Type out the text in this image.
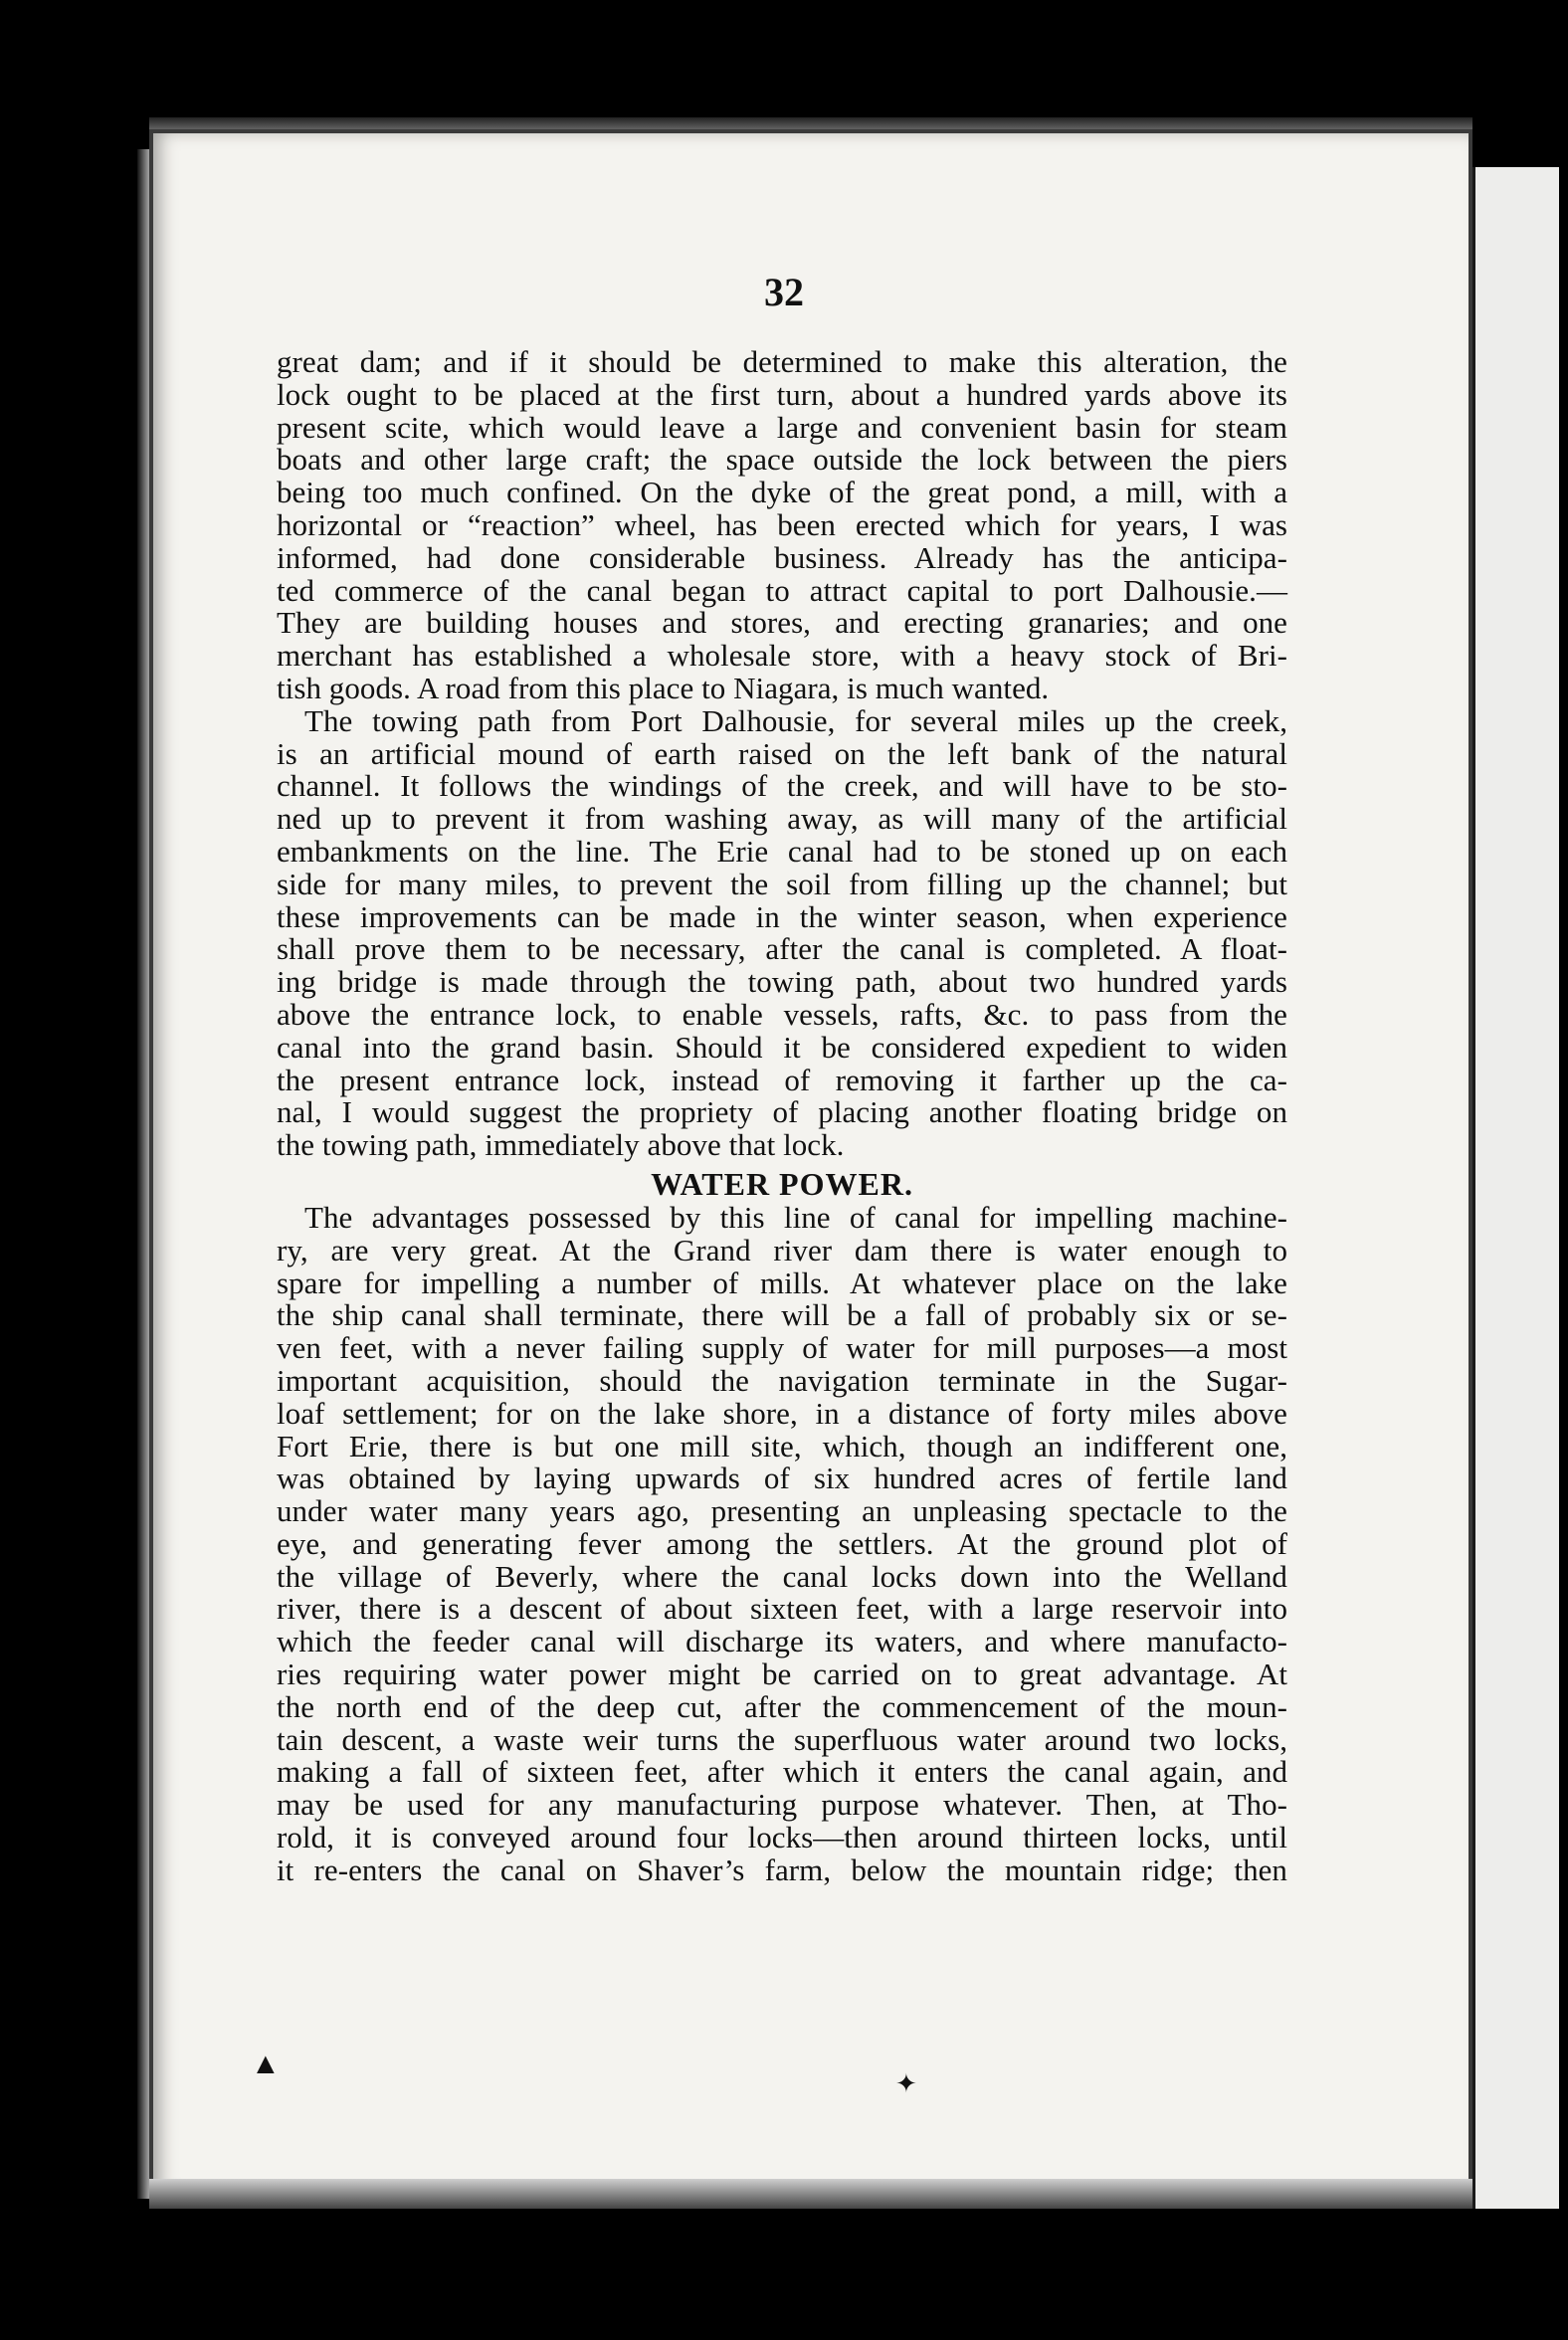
32
great dam; and if it should be determined to make this alteration, the
lock ought to be placed at the first turn, about a hundred yards above its
present scite, which would leave a large and convenient basin for steam
boats and other large craft; the space outside the lock between the piers
being too much confined. On the dyke of the great pond, a mill, with a
horizontal or “reaction” wheel, has been erected which for years, I was
informed, had done considerable business. Already has the anticipa-
ted commerce of the canal began to attract capital to port Dalhousie.—
They are building houses and stores, and erecting granaries; and one
merchant has established a wholesale store, with a heavy stock of Bri-
tish goods. A road from this place to Niagara, is much wanted.
The towing path from Port Dalhousie, for several miles up the creek,
is an artificial mound of earth raised on the left bank of the natural
channel. It follows the windings of the creek, and will have to be sto-
ned up to prevent it from washing away, as will many of the artificial
embankments on the line. The Erie canal had to be stoned up on each
side for many miles, to prevent the soil from filling up the channel; but
these improvements can be made in the winter season, when experience
shall prove them to be necessary, after the canal is completed. A float-
ing bridge is made through the towing path, about two hundred yards
above the entrance lock, to enable vessels, rafts, &c. to pass from the
canal into the grand basin. Should it be considered expedient to widen
the present entrance lock, instead of removing it farther up the ca-
nal, I would suggest the propriety of placing another floating bridge on
the towing path, immediately above that lock.
WATER POWER.
The advantages possessed by this line of canal for impelling machine-
ry, are very great. At the Grand river dam there is water enough to
spare for impelling a number of mills. At whatever place on the lake
the ship canal shall terminate, there will be a fall of probably six or se-
ven feet, with a never failing supply of water for mill purposes—a most
important acquisition, should the navigation terminate in the Sugar-
loaf settlement; for on the lake shore, in a distance of forty miles above
Fort Erie, there is but one mill site, which, though an indifferent one,
was obtained by laying upwards of six hundred acres of fertile land
under water many years ago, presenting an unpleasing spectacle to the
eye, and generating fever among the settlers. At the ground plot of
the village of Beverly, where the canal locks down into the Welland
river, there is a descent of about sixteen feet, with a large reservoir into
which the feeder canal will discharge its waters, and where manufacto-
ries requiring water power might be carried on to great advantage. At
the north end of the deep cut, after the commencement of the moun-
tain descent, a waste weir turns the superfluous water around two locks,
making a fall of sixteen feet, after which it enters the canal again, and
may be used for any manufacturing purpose whatever. Then, at Tho-
rold, it is conveyed around four locks—then around thirteen locks, until
it re-enters the canal on Shaver’s farm, below the mountain ridge; then
▲
✦
